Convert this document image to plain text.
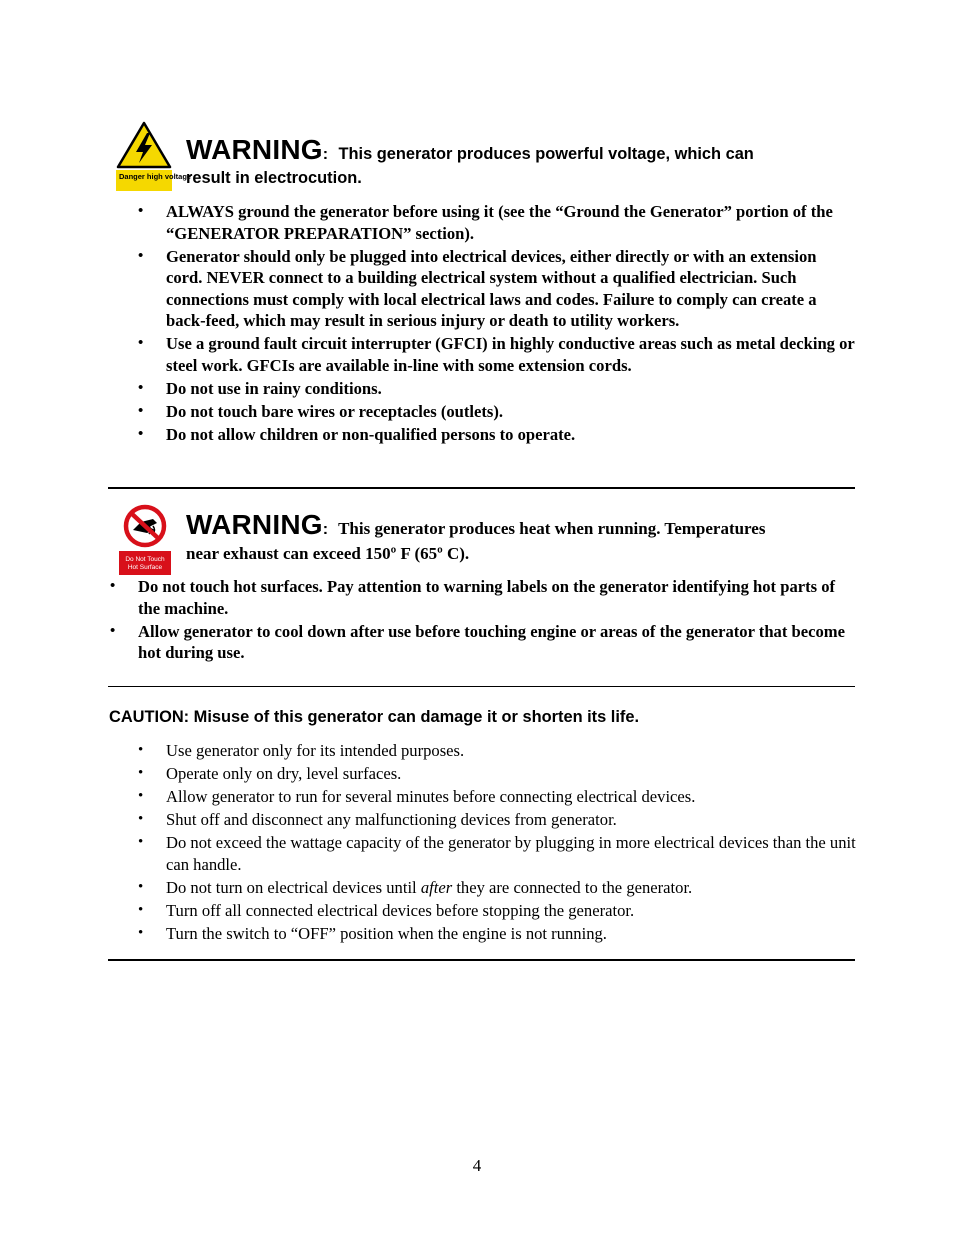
Danger high voltage

WARNING: This generator produces powerful voltage, which can

result in electrocution.

• ALWAYS ground the generator before using it (see the “Ground the Generator” portion of the “GENERATOR PREPARATION” section).
• Generator should only be plugged into electrical devices, either directly or with an extension cord. NEVER connect to a building electrical system without a qualified electrician. Such connections must comply with local electrical laws and codes. Failure to comply can create a back-feed, which may result in serious injury or death to utility workers.
• Use a ground fault circuit interrupter (GFCI) in highly conductive areas such as metal decking or steel work. GFCIs are available in-line with some extension cords.
• Do not use in rainy conditions.
• Do not touch bare wires or receptacles (outlets).
• Do not allow children or non-qualified persons to operate.
Do Not Touch
Hot Surface

WARNING: This generator produces heat when running. Temperatures

near exhaust can exceed 150º F (65º C).

• Do not touch hot surfaces. Pay attention to warning labels on the generator identifying hot parts of the machine.
• Allow generator to cool down after use before touching engine or areas of the generator that become hot during use.

CAUTION: Misuse of this generator can damage it or shorten its life.

• Use generator only for its intended purposes.
• Operate only on dry, level surfaces.
• Allow generator to run for several minutes before connecting electrical devices.
• Shut off and disconnect any malfunctioning devices from generator.
• Do not exceed the wattage capacity of the generator by plugging in more electrical devices than the unit can handle.
• Do not turn on electrical devices until after they are connected to the generator.
• Turn off all connected electrical devices before stopping the generator.
• Turn the switch to “OFF” position when the engine is not running.
4
